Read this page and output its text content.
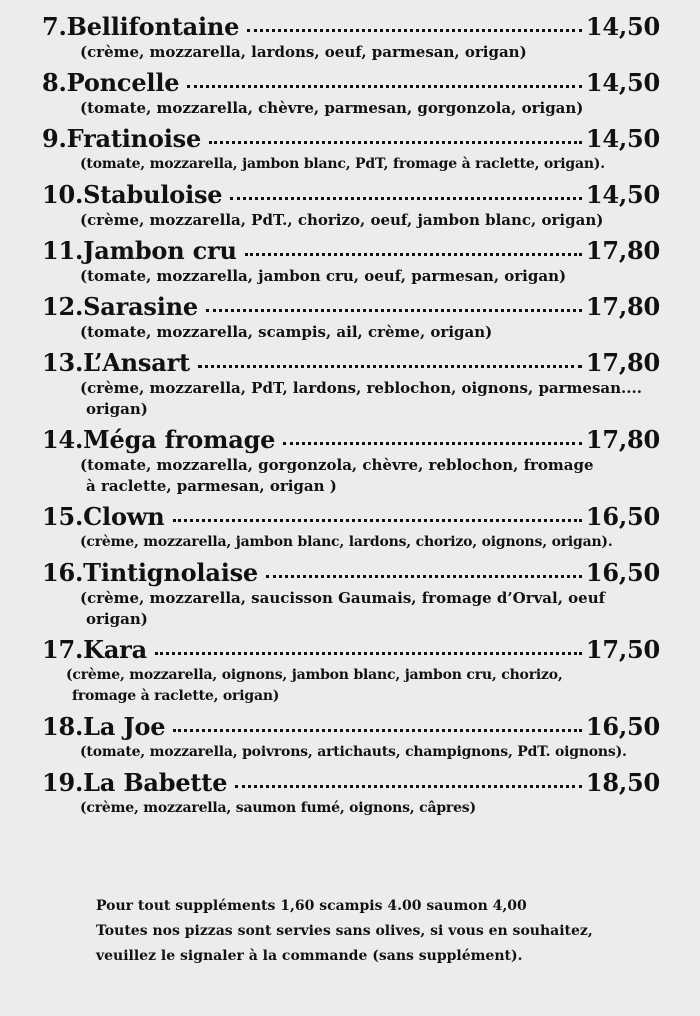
7.Bellifontaine	14,50
(crème, mozzarella, lardons, oeuf, parmesan, origan)
8.Poncelle	14,50
(tomate, mozzarella, chèvre, parmesan, gorgonzola, origan)
9.Fratinoise	14,50
(tomate, mozzarella, jambon blanc, PdT, fromage à raclette, origan).
10.Stabuloise	14,50
(crème, mozzarella, PdT., chorizo, oeuf, jambon blanc, origan)
11.Jambon cru	17,80
(tomate, mozzarella, jambon cru, oeuf, parmesan, origan)
12.Sarasine	17,80
(tomate, mozzarella, scampis, ail, crème, origan)
13.L’Ansart	17,80
(crème, mozzarella, PdT, lardons, reblochon, oignons, parmesan....
origan)
14.Méga fromage	17,80
(tomate, mozzarella, gorgonzola, chèvre, reblochon, fromage
à raclette, parmesan, origan )
15.Clown	16,50
(crème, mozzarella, jambon blanc, lardons, chorizo, oignons, origan).
16.Tintignolaise	16,50
(crème, mozzarella, saucisson Gaumais, fromage d’Orval, oeuf
origan)
17.Kara	17,50
(crème, mozzarella, oignons, jambon blanc, jambon cru, chorizo,
fromage à raclette, origan)
18.La Joe	16,50
(tomate, mozzarella, poivrons, artichauts, champignons, PdT. oignons).
19.La Babette	18,50
(crème, mozzarella, saumon fumé, oignons, câpres)
Pour tout suppléments 1,60 scampis 4.00 saumon 4,00
Toutes nos pizzas sont servies sans olives, si vous en souhaitez,
veuillez le signaler à la commande (sans supplément).
